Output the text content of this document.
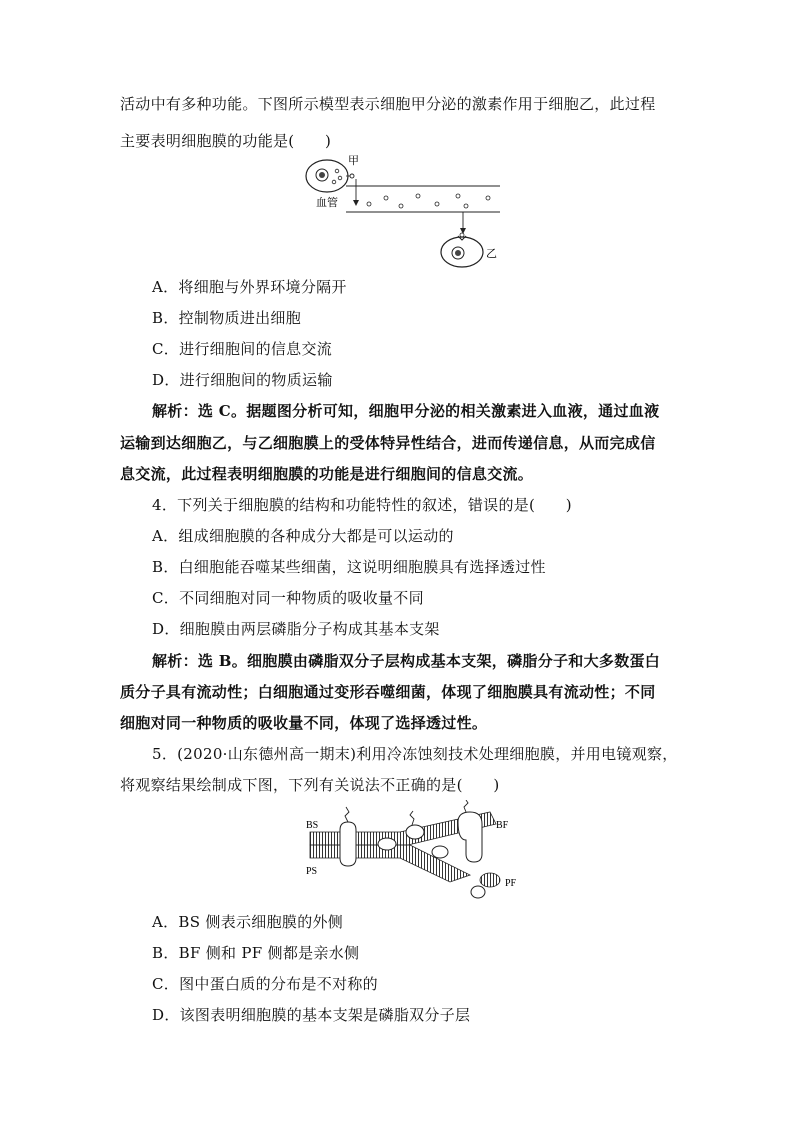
活动中有多种功能。下图所示模型表示细胞甲分泌的激素作用于细胞乙，此过程
主要表明细胞膜的功能是(　　)
甲
血管
乙
A．将细胞与外界环境分隔开
B．控制物质进出细胞
C．进行细胞间的信息交流
D．进行细胞间的物质运输
解析：选 C。据题图分析可知，细胞甲分泌的相关激素进入血液，通过血液
运输到达细胞乙，与乙细胞膜上的受体特异性结合，进而传递信息，从而完成信
息交流，此过程表明细胞膜的功能是进行细胞间的信息交流。
4．下列关于细胞膜的结构和功能特性的叙述，错误的是(　　)
A．组成细胞膜的各种成分大都是可以运动的
B．白细胞能吞噬某些细菌，这说明细胞膜具有选择透过性
C．不同细胞对同一种物质的吸收量不同
D．细胞膜由两层磷脂分子构成其基本支架
解析：选 B。细胞膜由磷脂双分子层构成基本支架，磷脂分子和大多数蛋白
质分子具有流动性；白细胞通过变形吞噬细菌，体现了细胞膜具有流动性；不同
细胞对同一种物质的吸收量不同，体现了选择透过性。
5．(2020·山东德州高一期末)利用冷冻蚀刻技术处理细胞膜，并用电镜观察，
将观察结果绘制成下图，下列有关说法不正确的是(　　)
BS	BF
PS
PF
A．BS 侧表示细胞膜的外侧
B．BF 侧和 PF 侧都是亲水侧
C．图中蛋白质的分布是不对称的
D．该图表明细胞膜的基本支架是磷脂双分子层
